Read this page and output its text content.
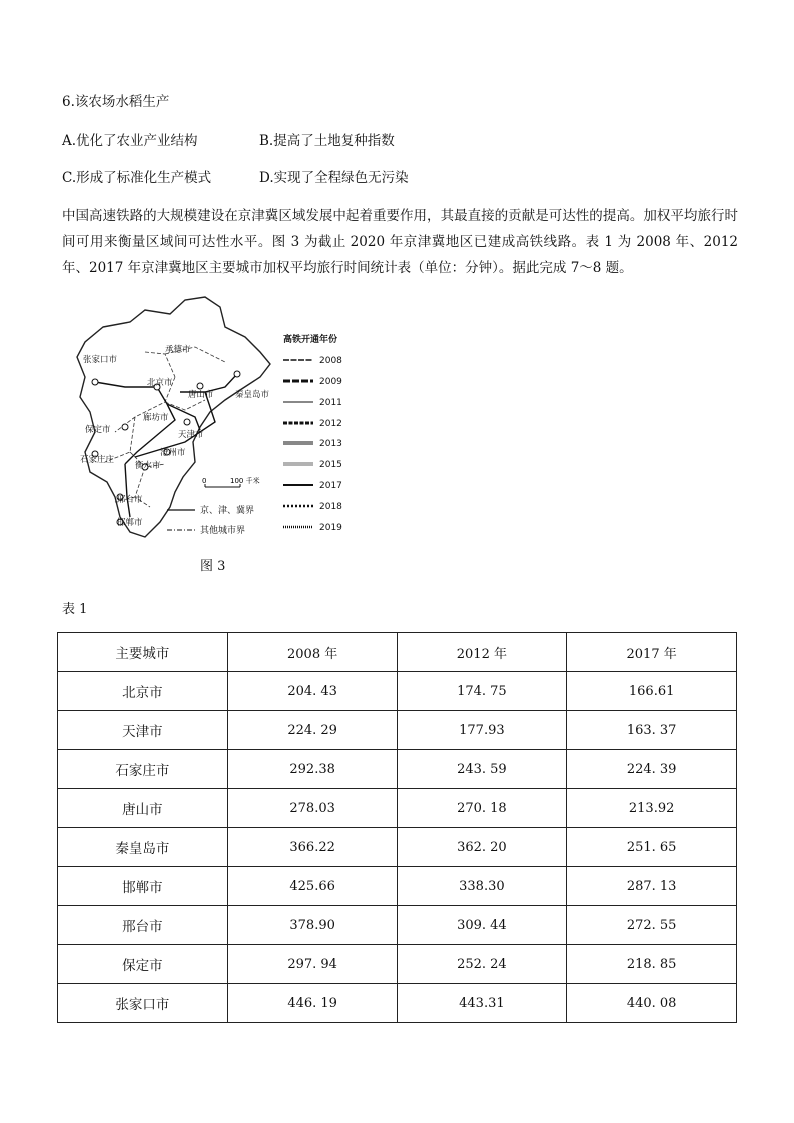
6.该农场水稻生产
A.优化了农业产业结构	B.提高了土地复种指数
C.形成了标准化生产模式	D.实现了全程绿色无污染
中国高速铁路的大规模建设在京津冀区域发展中起着重要作用，其最直接的贡献是可达性的提高。加权平均旅行时间可用来衡量区域间可达性水平。图 3 为截止 2020 年京津冀地区已建成高铁线路。表 1 为 2008 年、2012 年、2017 年京津冀地区主要城市加权平均旅行时间统计表（单位：分钟）。据此完成 7～8 题。
承德市
张家口市
北京市
唐山市	秦皇岛市
天津市
保定市
廊坊市
石家庄庄
沧州市
衡水市
邢台市
邯郸市
0	100 千米
京、津、冀界
其他城市界
高铁开通年份
2008
2009
2011
2012
2013
2015
2017
2018
2019
图 3
表 1
主要城市	2008 年	2012 年	2017 年
北京市	204. 43	174. 75	166.61
天津市	224. 29	177.93	163. 37
石家庄市	292.38	243. 59	224. 39
唐山市	278.03	270. 18	213.92
秦皇岛市	366.22	362. 20	251. 65
邯郸市	425.66	338.30	287. 13
邢台市	378.90	309. 44	272. 55
保定市	297. 94	252. 24	218. 85
张家口市	446. 19	443.31	440. 08
